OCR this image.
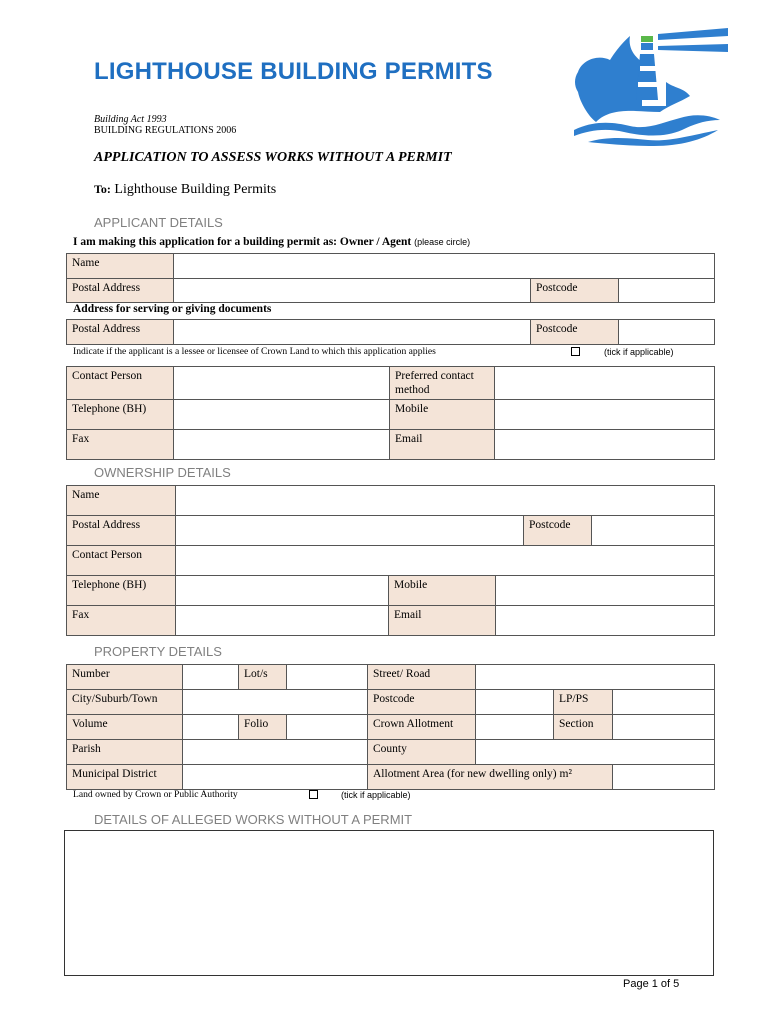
LIGHTHOUSE BUILDING PERMITS
Building Act 1993
BUILDING REGULATIONS 2006
APPLICATION TO ASSESS WORKS WITHOUT A PERMIT
To: Lighthouse Building Permits
APPLICANT DETAILS
I am making this application for a building permit as: Owner / Agent (please circle)
Name			
Postal Address		Postcode	
Address for serving or giving documents
Postal Address		Postcode	
Indicate if the applicant is a lessee or licensee of Crown Land to which this application applies	(tick if applicable)
Contact Person		Preferred contact method	
Telephone (BH)		Mobile	
Fax		Email	
OWNERSHIP DETAILS
Name					
Postal Address				Postcode	
Contact Person					
Telephone (BH)		Mobile			
Fax		Email			
PROPERTY DETAILS
Number		Lot/s		Street/ Road			
City/Suburb/Town				Postcode		LP/PS	
Volume		Folio		Crown Allotment		Section	
Parish				County			
Municipal District				Allotment Area (for new dwelling only) m²			
Land owned by Crown or Public Authority	(tick if applicable)
DETAILS OF ALLEGED WORKS WITHOUT A PERMIT
Page 1 of 5
